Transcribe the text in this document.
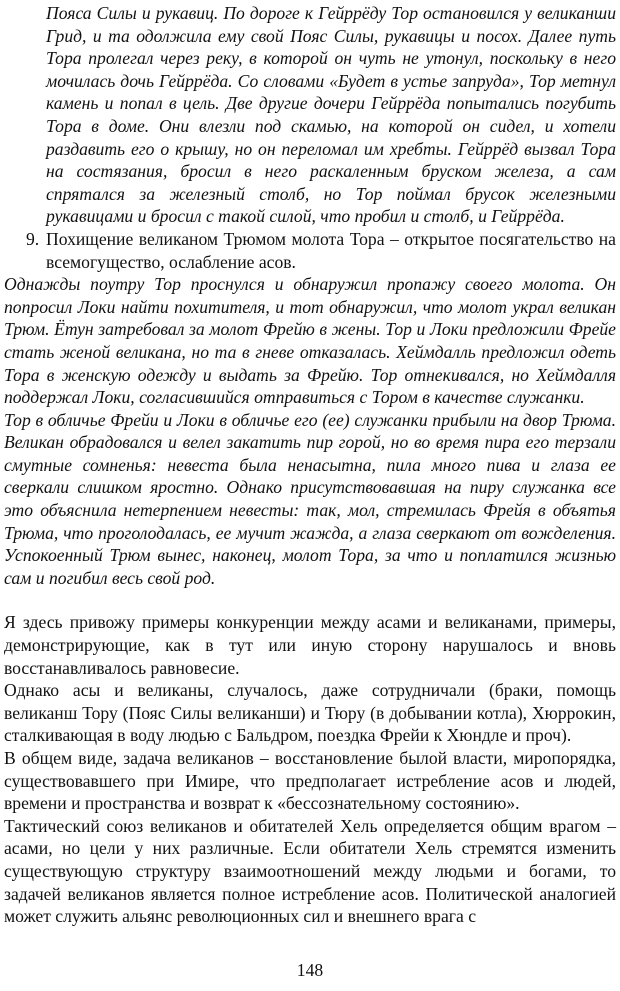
Пояса Силы и рукавиц. По дороге к Гейррёду Тор остановился у великанши Грид, и та одолжила ему свой Пояс Силы, рукавицы и посох. Далее путь Тора пролегал через реку, в которой он чуть не утонул, поскольку в него мочилась дочь Гейррёда. Со словами «Будет в устье запруда», Тор метнул камень и попал в цель. Две другие дочери Гейррёда попытались погубить Тора в доме. Они влезли под скамью, на которой он сидел, и хотели раздавить его о крышу, но он переломал им хребты. Гейррёд вызвал Тора на состязания, бросил в него раскаленным бруском железа, а сам спрятался за железный столб, но Тор поймал брусок железными рукавицами и бросил с такой силой, что пробил и столб, и Гейррёда.

9. Похищение великаном Трюмом молота Тора – открытое посягательство на всемогущество, ослабление асов.

Однажды поутру Тор проснулся и обнаружил пропажу своего молота. Он попросил Локи найти похитителя, и тот обнаружил, что молот украл великан Трюм. Ётун затребовал за молот Фрейю в жены. Тор и Локи предложили Фрейе стать женой великана, но та в гневе отказалась. Хеймдалль предложил одеть Тора в женскую одежду и выдать за Фрейю. Тор отнекивался, но Хеймдалля поддержал Локи, согласившийся отправиться с Тором в качестве служанки.

Тор в обличье Фрейи и Локи в обличье его (ее) служанки прибыли на двор Трюма. Великан обрадовался и велел закатить пир горой, но во время пира его терзали смутные сомненья: невеста была ненасытна, пила много пива и глаза ее сверкали слишком яростно. Однако присутствовавшая на пиру служанка все это объяснила нетерпением невесты: так, мол, стремилась Фрейя в объятья Трюма, что проголодалась, ее мучит жажда, а глаза сверкают от вожделения. Успокоенный Трюм вынес, наконец, молот Тора, за что и поплатился жизнью сам и погибил весь свой род.

Я здесь привожу примеры конкуренции между асами и великанами, примеры, демонстрирующие, как в тут или иную сторону нарушалось и вновь восстанавливалось равновесие.

Однако асы и великаны, случалось, даже сотрудничали (браки, помощь великанш Тору (Пояс Силы великанши) и Тюру (в добывании котла), Хюррокин, сталкивающая в воду людью с Бальдром, поездка Фрейи к Хюндле и проч).

В общем виде, задача великанов – восстановление былой власти, миропорядка, существовавшего при Имире, что предполагает истребление асов и людей, времени и пространства и возврат к «бессознательному состоянию».

Тактический союз великанов и обитателей Хель определяется общим врагом – асами, но цели у них различные. Если обитатели Хель стремятся изменить существующую структуру взаимоотношений между людьми и богами, то задачей великанов является полное истребление асов. Политической аналогией может служить альянс революционных сил и внешнего врага с

148
